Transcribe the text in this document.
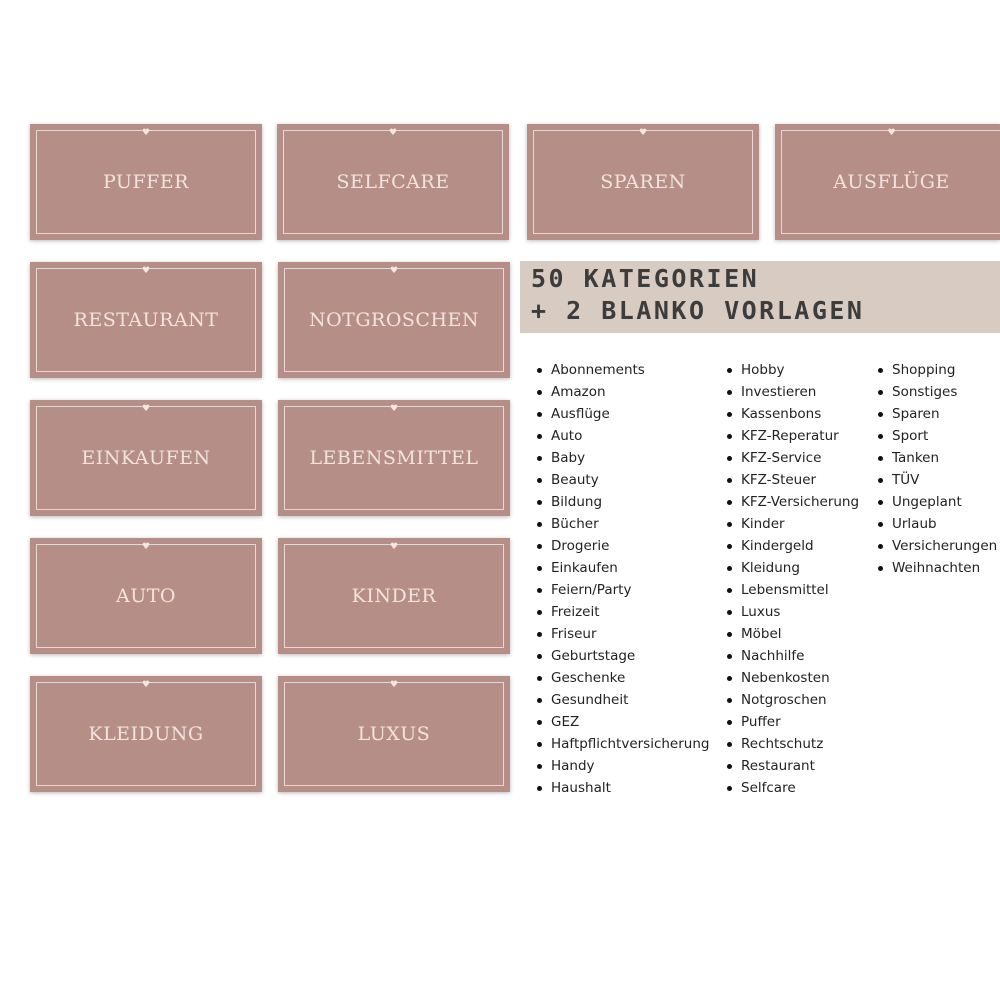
♥
PUFFER
♥
SELFCARE
♥
SPAREN
♥
AUSFLÜGE
♥
RESTAURANT
♥
NOTGROSCHEN
♥
EINKAUFEN
♥
LEBENSMITTEL
♥
AUTO
♥
KINDER
♥
KLEIDUNG
♥
LUXUS
50 KATEGORIEN
+ 2 BLANKO VORLAGEN
Abonnements
Amazon
Ausflüge
Auto
Baby
Beauty
Bildung
Bücher
Drogerie
Einkaufen
Feiern/Party
Freizeit
Friseur
Geburtstage
Geschenke
Gesundheit
GEZ
Haftpflichtversicherung
Handy
Haushalt
Hobby
Investieren
Kassenbons
KFZ-Reperatur
KFZ-Service
KFZ-Steuer
KFZ-Versicherung
Kinder
Kindergeld
Kleidung
Lebensmittel
Luxus
Möbel
Nachhilfe
Nebenkosten
Notgroschen
Puffer
Rechtschutz
Restaurant
Selfcare
Shopping
Sonstiges
Sparen
Sport
Tanken
TÜV
Ungeplant
Urlaub
Versicherungen
Weihnachten
